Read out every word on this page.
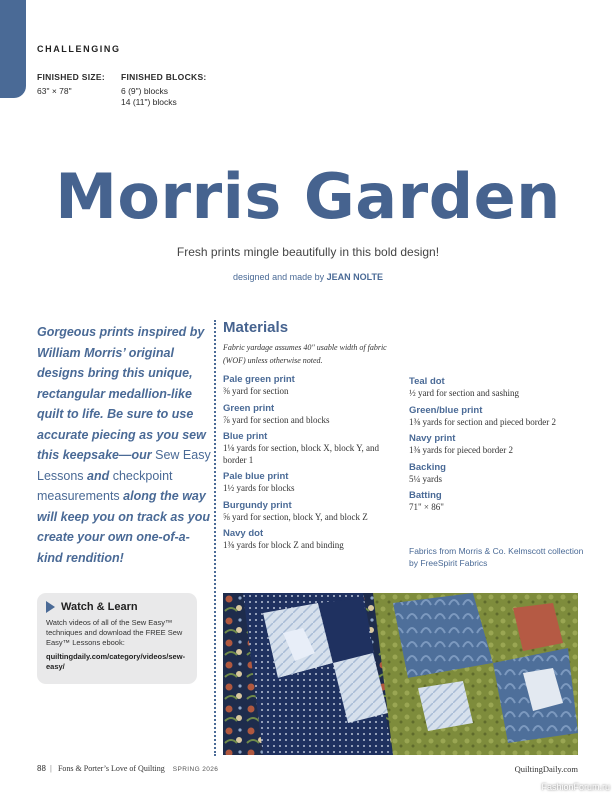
CHALLENGING
FINISHED SIZE:
63" × 78"
FINISHED BLOCKS:
6 (9") blocks
14 (11") blocks
Morris Garden
Fresh prints mingle beautifully in this bold design!
designed and made by JEAN NOLTE

Gorgeous prints inspired by William Morris’ original designs bring this unique, rectangular medallion-like quilt to life. Be sure to use accurate piecing as you sew this keepsake—our Sew Easy Lessons and checkpoint measurements along the way will keep you on track as you create your own one-of-a-kind rendition!

Watch & Learn
Watch videos of all of the Sew Easy™ techniques and download the FREE Sew Easy™ Lessons ebook:
quiltingdaily.com/category/videos/sew-easy/
Materials
Fabric yardage assumes 40" usable width of fabric (WOF) unless otherwise noted.
Pale green print
⅜ yard for section
Green print
⅞ yard for section and blocks
Blue print
1⅛ yards for section, block X, block Y, and border 1
Pale blue print
1½ yards for blocks
Burgundy print
⅝ yard for section, block Y, and block Z
Navy dot
1⅜ yards for block Z and binding
Teal dot
½ yard for section and sashing
Green/blue print
1⅜ yards for section and pieced border 2
Navy print
1⅜ yards for pieced border 2
Backing
5¼ yards
Batting
71" × 86"
Fabrics from Morris & Co. Kelmscott collection by FreeSpirit Fabrics
88 | Fons & Porter’s Love of Quilting SPRING 2026	QuiltingDaily.com
FashionForum.ru
